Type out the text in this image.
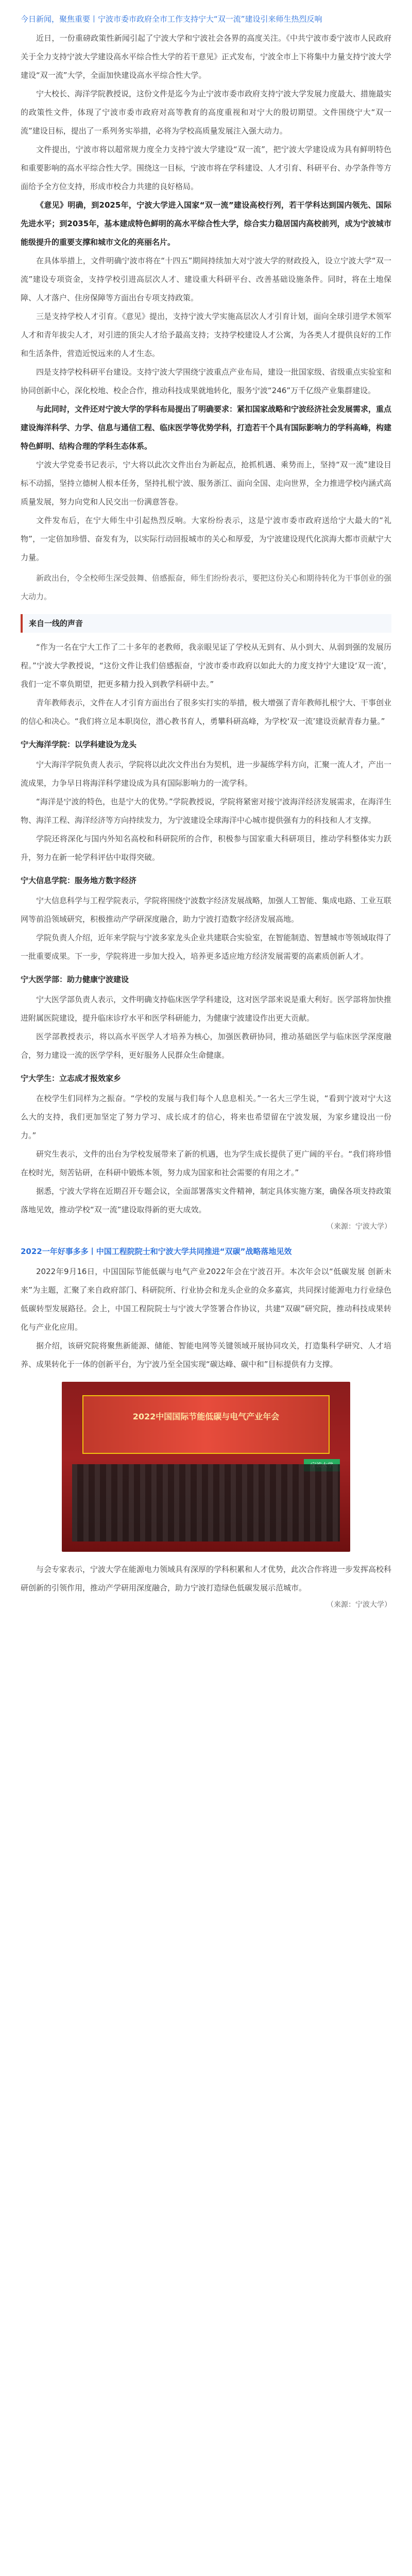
今日新闻，聚焦重要丨宁波市委市政府全市工作支持宁大“双一流”建设引来师生热烈反响

近日，一份重磅政策性新闻引起了宁波大学和宁波社会各界的高度关注。《中共宁波市委宁波市人民政府关于全力支持宁波大学建设高水平综合性大学的若干意见》正式发布，宁波全市上下将集中力量支持宁波大学建设“双一流”大学，全面加快建设高水平综合性大学。

宁大校长、海洋学院教授说，这份文件是迄今为止宁波市委市政府支持宁波大学发展力度最大、措施最实的政策性文件，体现了宁波市委市政府对高等教育的高度重视和对宁大的殷切期望。文件围绕宁大“双一流”建设目标，提出了一系列务实举措，必将为学校高质量发展注入强大动力。

文件提出，宁波市将以超常规力度全力支持宁波大学建设“双一流”，把宁波大学建设成为具有鲜明特色和重要影响的高水平综合性大学。围绕这一目标，宁波市将在学科建设、人才引育、科研平台、办学条件等方面给予全方位支持，形成市校合力共建的良好格局。

《意见》明确，到2025年，宁波大学进入国家“双一流”建设高校行列，若干学科达到国内领先、国际先进水平；到2035年，基本建成特色鲜明的高水平综合性大学，综合实力稳居国内高校前列，成为宁波城市能级提升的重要支撑和城市文化的亮丽名片。

在具体举措上，文件明确宁波市将在“十四五”期间持续加大对宁波大学的财政投入，设立宁波大学“双一流”建设专项资金，支持学校引进高层次人才、建设重大科研平台、改善基础设施条件。同时，将在土地保障、人才落户、住房保障等方面出台专项支持政策。

三是支持学校人才引育。《意见》提出，支持宁波大学实施高层次人才引育计划，面向全球引进学术领军人才和青年拔尖人才，对引进的顶尖人才给予最高支持；支持学校建设人才公寓，为各类人才提供良好的工作和生活条件，营造近悦远来的人才生态。

四是支持学校科研平台建设。支持宁波大学围绕宁波重点产业布局，建设一批国家级、省级重点实验室和协同创新中心，深化校地、校企合作，推动科技成果就地转化，服务宁波“246”万千亿级产业集群建设。

与此同时，文件还对宁波大学的学科布局提出了明确要求：紧扣国家战略和宁波经济社会发展需求，重点建设海洋科学、力学、信息与通信工程、临床医学等优势学科，打造若干个具有国际影响力的学科高峰，构建特色鲜明、结构合理的学科生态体系。

宁波大学党委书记表示，宁大将以此次文件出台为新起点，抢抓机遇、乘势而上，坚持“双一流”建设目标不动摇，坚持立德树人根本任务，坚持扎根宁波、服务浙江、面向全国、走向世界，全力推进学校内涵式高质量发展，努力向党和人民交出一份满意答卷。

文件发布后，在宁大师生中引起热烈反响。大家纷纷表示，这是宁波市委市政府送给宁大最大的“礼物”，一定倍加珍惜、奋发有为，以实际行动回报城市的关心和厚爱，为宁波建设现代化滨海大都市贡献宁大力量。

新政出台，令全校师生深受鼓舞、倍感振奋，师生们纷纷表示，要把这份关心和期待转化为干事创业的强大动力。

来自一线的声音

“作为一名在宁大工作了二十多年的老教师，我亲眼见证了学校从无到有、从小到大、从弱到强的发展历程。”宁波大学教授说，“这份文件让我们倍感振奋，宁波市委市政府以如此大的力度支持宁大建设‘双一流’，我们一定不辜负期望，把更多精力投入到教学科研中去。”

青年教师表示，文件在人才引育方面出台了很多实打实的举措，极大增强了青年教师扎根宁大、干事创业的信心和决心。“我们将立足本职岗位，潜心教书育人，勇攀科研高峰，为学校‘双一流’建设贡献青春力量。”

宁大海洋学院：以学科建设为龙头

宁大海洋学院负责人表示，学院将以此次文件出台为契机，进一步凝练学科方向，汇聚一流人才，产出一流成果，力争早日将海洋科学建设成为具有国际影响力的一流学科。

“海洋是宁波的特色，也是宁大的优势。”学院教授说，学院将紧密对接宁波海洋经济发展需求，在海洋生物、海洋工程、海洋经济等方向持续发力，为宁波建设全球海洋中心城市提供强有力的科技和人才支撑。

学院还将深化与国内外知名高校和科研院所的合作，积极参与国家重大科研项目，推动学科整体实力跃升，努力在新一轮学科评估中取得突破。

宁大信息学院：服务地方数字经济

宁大信息科学与工程学院表示，学院将围绕宁波数字经济发展战略，加强人工智能、集成电路、工业互联网等前沿领域研究，积极推动产学研深度融合，助力宁波打造数字经济发展高地。

学院负责人介绍，近年来学院与宁波多家龙头企业共建联合实验室，在智能制造、智慧城市等领域取得了一批重要成果。下一步，学院将进一步加大投入，培养更多适应地方经济发展需要的高素质创新人才。

宁大医学部：助力健康宁波建设

宁大医学部负责人表示，文件明确支持临床医学学科建设，这对医学部来说是重大利好。医学部将加快推进附属医院建设，提升临床诊疗水平和医学科研能力，为健康宁波建设作出更大贡献。

医学部教授表示，将以高水平医学人才培养为核心，加强医教研协同，推动基础医学与临床医学深度融合，努力建设一流的医学学科，更好服务人民群众生命健康。

宁大学生：立志成才报效家乡

在校学生们同样为之振奋。“学校的发展与我们每个人息息相关。”一名大三学生说，“看到宁波对宁大这么大的支持，我们更加坚定了努力学习、成长成才的信心，将来也希望留在宁波发展，为家乡建设出一份力。”

研究生表示，文件的出台为学校发展带来了新的机遇，也为学生成长提供了更广阔的平台。“我们将珍惜在校时光，刻苦钻研，在科研中锻炼本领，努力成为国家和社会需要的有用之才。”

据悉，宁波大学将在近期召开专题会议，全面部署落实文件精神，制定具体实施方案，确保各项支持政策落地见效，推动学校“双一流”建设取得新的更大成效。

（来源：宁波大学）
2022一年好事多多丨中国工程院院士和宁波大学共同推进“双碳”战略落地见效

2022年9月16日，中国国际节能低碳与电气产业2022年会在宁波召开。本次年会以“低碳发展 创新未来”为主题，汇聚了来自政府部门、科研院所、行业协会和龙头企业的众多嘉宾，共同探讨能源电力行业绿色低碳转型发展路径。会上，中国工程院院士与宁波大学签署合作协议，共建“双碳”研究院，推动科技成果转化与产业化应用。

据介绍，该研究院将聚焦新能源、储能、智能电网等关键领域开展协同攻关，打造集科学研究、人才培养、成果转化于一体的创新平台，为宁波乃至全国实现“碳达峰、碳中和”目标提供有力支撑。

2022中国国际节能低碳与电气产业年会

与会专家表示，宁波大学在能源电力领域具有深厚的学科积累和人才优势，此次合作将进一步发挥高校科研创新的引领作用，推动产学研用深度融合，助力宁波打造绿色低碳发展示范城市。

（来源：宁波大学）
